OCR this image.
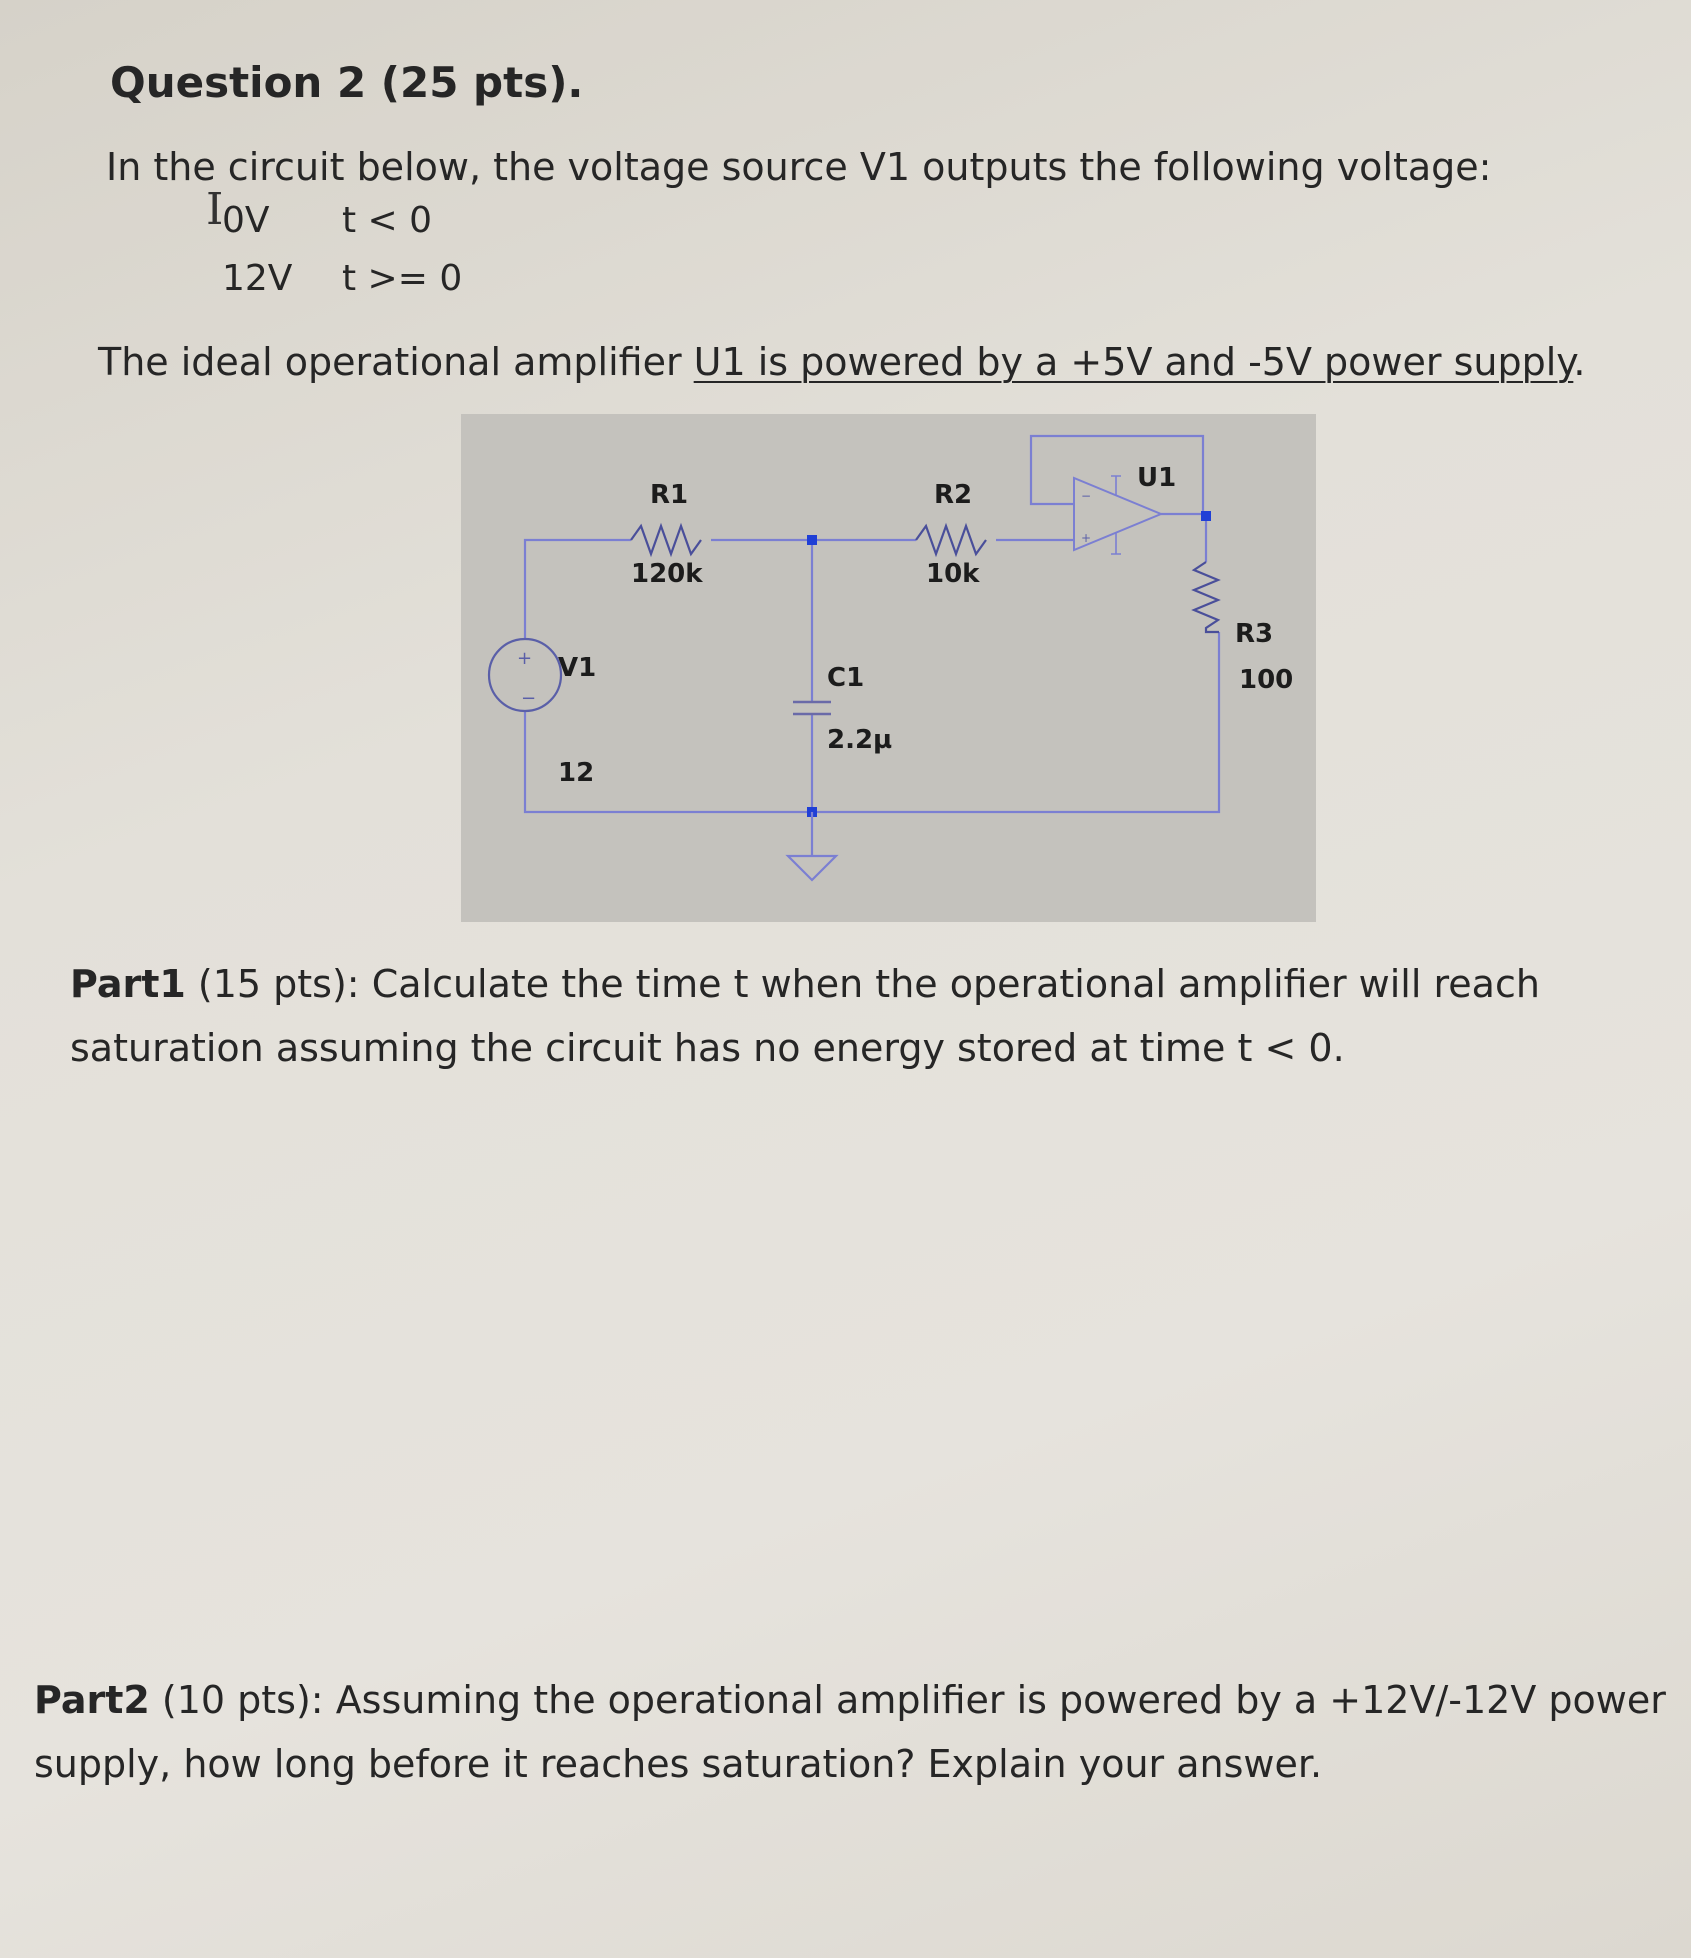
Question 2 (25 pts).
In the circuit below, the voltage source V1 outputs the following voltage:
I
0V t < 0
12V t >= 0
The ideal operational amplifier U1 is powered by a +5V and -5V power supply.
+
−
−
+
R1
120k
R2
10k
U1
V1
12
C1
2.2µ
R3
100
Part1 (15 pts): Calculate the time t when the operational amplifier will reach saturation assuming the circuit has no energy stored at time t < 0.
Part2 (10 pts): Assuming the operational amplifier is powered by a +12V/-12V power supply, how long before it reaches saturation? Explain your answer.
